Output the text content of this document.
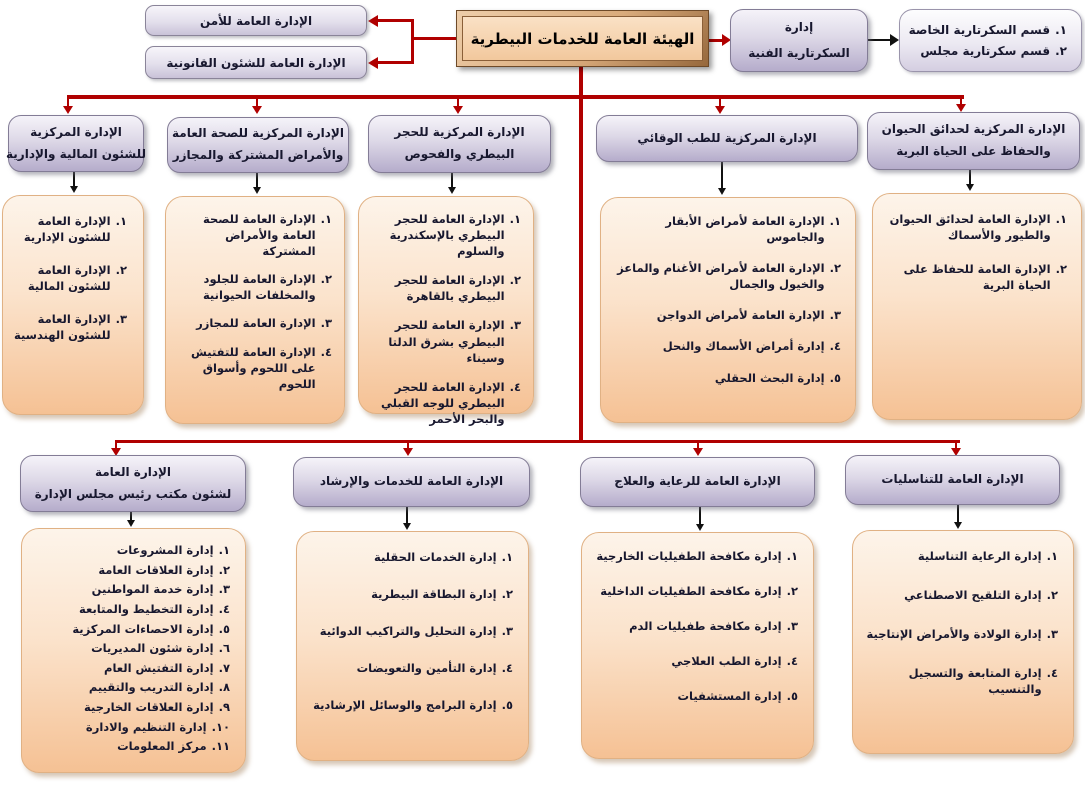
الإدارة العامة للأمن
الإدارة العامة للشئون القانونية
الهيئة العامة للخدمات البيطرية
إدارة
السكرتارية الفنية
١.
قسم السكرتارية الخاصة
٢.
قسم سكرتارية مجلس
الإدارة المركزية
للشئون المالية والإدارية
الإدارة المركزية للصحة العامة
والأمراض المشتركة والمجازر
الإدارة المركزية للحجر
البيطري والفحوص
الإدارة المركزية للطب الوقائي
الإدارة المركزية لحدائق الحيوان
والحفاظ على الحياة البرية
١.
الإدارة العامة للشئون الإدارية
٢.
الإدارة العامة للشئون المالية
٣.
الإدارة العامة للشئون الهندسية
١.
الإدارة العامة للصحة العامة والأمراض المشتركة
٢.
الإدارة العامة للجلود والمخلفات الحيوانية
٣.
الإدارة العامة للمجازر
٤.
الإدارة العامة للتفتيش على اللحوم وأسواق اللحوم
١.
الإدارة العامة للحجر البيطري بالإسكندرية والسلوم
٢.
الإدارة العامة للحجر البيطري بالقاهرة
٣.
الإدارة العامة للحجر البيطري بشرق الدلتا وسيناء
٤.
الإدارة العامة للحجر البيطري للوجه القبلي والبحر الأحمر
١.
الإدارة العامة لأمراض الأبقار والجاموس
٢.
الإدارة العامة لأمراض الأغنام والماعز والخيول والجمال
٣.
الإدارة العامة لأمراض الدواجن
٤.
إدارة أمراض الأسماك والنحل
٥.
إدارة البحث الحقلي
١.
الإدارة العامة لحدائق الحيوان والطيور والأسماك
٢.
الإدارة العامة للحفاظ على الحياة البرية
الإدارة العامة
لشئون مكتب رئيس مجلس الإدارة
الإدارة العامة للخدمات والإرشاد	الإدارة العامة للرعاية والعلاج	الإدارة العامة للتناسليات
١.
إدارة المشروعات
٢.
إدارة العلاقات العامة
٣.
إدارة خدمة المواطنين
٤.
إدارة التخطيط والمتابعة
٥.
إدارة الاحصاءات المركزية
٦.
إدارة شئون المديريات
٧.
إدارة التفتيش العام
٨.
إدارة التدريب والتقييم
٩.
إدارة العلاقات الخارجية
١٠.
إدارة التنظيم والادارة
١١.
مركز المعلومات
١.
إدارة الخدمات الحقلية
٢.
إدارة البطاقة البيطرية
٣.
إدارة التحليل والتراكيب الدوائية
٤.
إدارة التأمين والتعويضات
٥.
إدارة البرامج والوسائل الإرشادية
١.
إدارة مكافحة الطفيليات الخارجية
٢.
إدارة مكافحة الطفيليات الداخلية
٣.
إدارة مكافحة طفيليات الدم
٤.
إدارة الطب العلاجي
٥.
إدارة المستشفيات
١.
إدارة الرعاية التناسلية
٢.
إدارة التلقيح الاصطناعي
٣.
إدارة الولادة والأمراض الإنتاجية
٤.
إدارة المتابعة والتسجيل والتنسيب
